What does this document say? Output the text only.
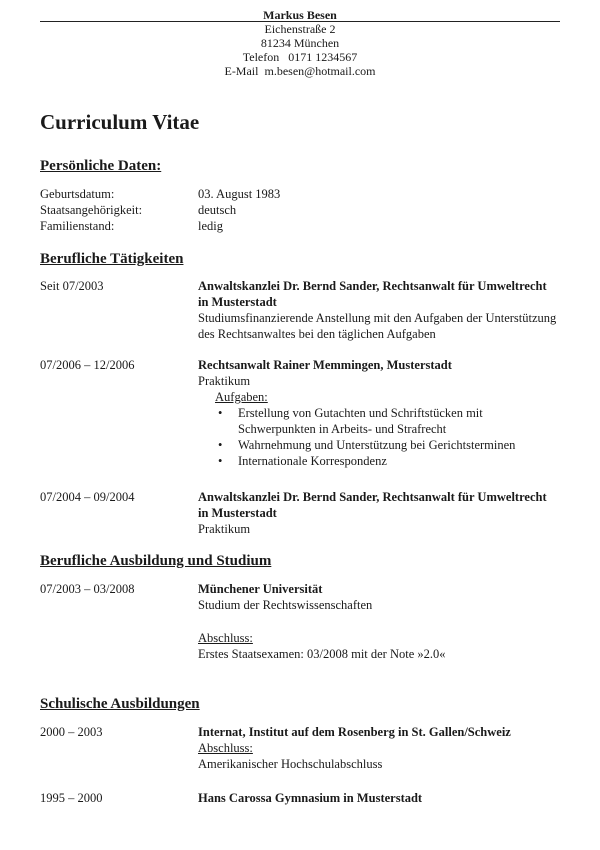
Markus Besen
Eichenstraße 2
81234 München
Telefon 0171 1234567
E-Mail m.besen@hotmail.com
Curriculum Vitae
Persönliche Daten:
Geburtsdatum:	03. August 1983
Staatsangehörigkeit:	deutsch
Familienstand:	ledig
Berufliche Tätigkeiten
Seit 07/2003	Anwaltskanzlei Dr. Bernd Sander, Rechtsanwalt für Umweltrecht in Musterstadt
Studiumsfinanzierende Anstellung mit den Aufgaben der Unterstützung des Rechtsanwaltes bei den täglichen Aufgaben
07/2006 – 12/2006	Rechtsanwalt Rainer Memmingen, Musterstadt
Praktikum
Aufgaben:
• Erstellung von Gutachten und Schriftstücken mit Schwerpunkten in Arbeits- und Strafrecht
• Wahrnehmung und Unterstützung bei Gerichtsterminen
• Internationale Korrespondenz
07/2004 – 09/2004	Anwaltskanzlei Dr. Bernd Sander, Rechtsanwalt für Umweltrecht in Musterstadt
Praktikum
Berufliche Ausbildung und Studium
07/2003 – 03/2008	Münchener Universität
Studium der Rechtswissenschaften
Abschluss:
Erstes Staatsexamen: 03/2008 mit der Note »2.0«
Schulische Ausbildungen
2000 – 2003	Internat, Institut auf dem Rosenberg in St. Gallen/Schweiz
Abschluss:
Amerikanischer Hochschulabschluss
1995 – 2000	Hans Carossa Gymnasium in Musterstadt
